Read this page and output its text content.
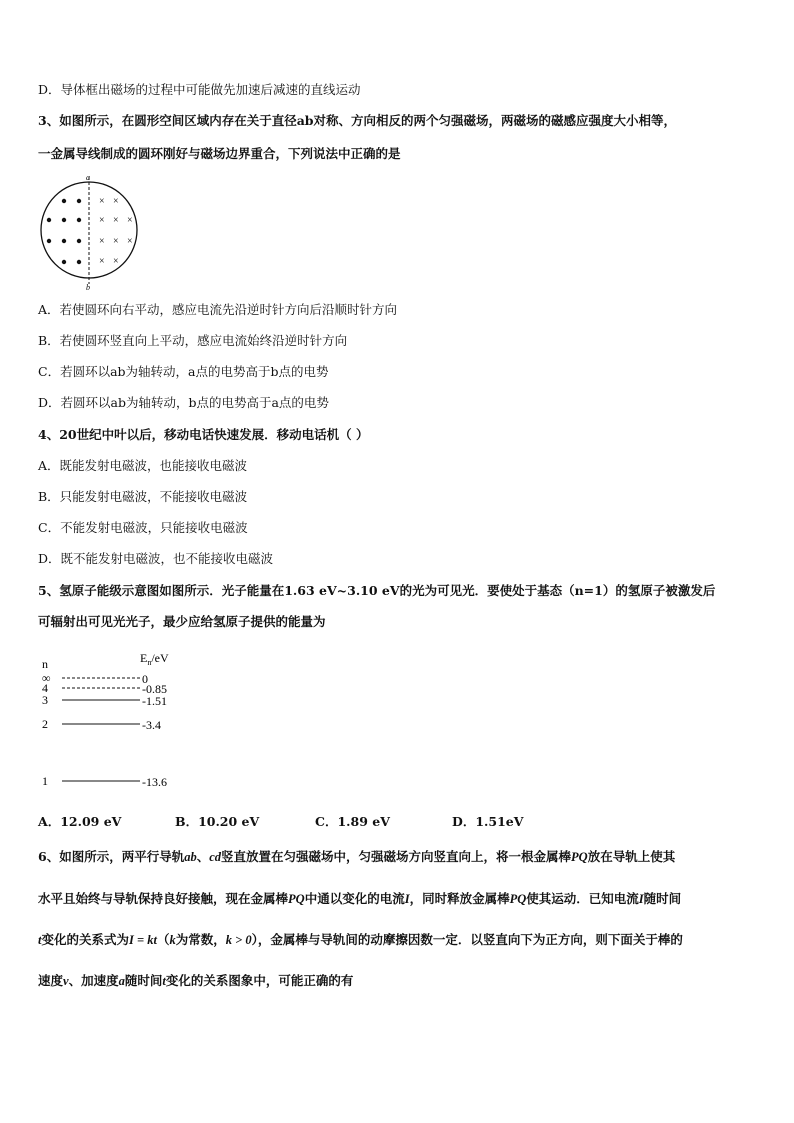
D．导体框出磁场的过程中可能做先加速后减速的直线运动
3、如图所示，在圆形空间区域内存在关于直径ab对称、方向相反的两个匀强磁场，两磁场的磁感应强度大小相等，
一金属导线制成的圆环刚好与磁场边界重合，下列说法中正确的是
a
b
× ×
× × ×
× × ×
× ×
A．若使圆环向右平动，感应电流先沿逆时针方向后沿顺时针方向
B．若使圆环竖直向上平动，感应电流始终沿逆时针方向
C．若圆环以ab为轴转动，a点的电势高于b点的电势
D．若圆环以ab为轴转动，b点的电势高于a点的电势
4、20世纪中叶以后，移动电话快速发展．移动电话机（ ）
A．既能发射电磁波，也能接收电磁波
B．只能发射电磁波，不能接收电磁波
C．不能发射电磁波，只能接收电磁波
D．既不能发射电磁波，也不能接收电磁波
5、氢原子能级示意图如图所示．光子能量在1.63 eV~3.10 eV的光为可见光．要使处于基态（n=1）的氢原子被激发后
可辐射出可见光光子，最少应给氢原子提供的能量为
n	$E_n/eV$
∞	0
4	-0.85
3	-1.51
2	-3.4
1	-13.6
A．12.09 eV	B．10.20 eV	C．1.89 eV	D．1.51eV
6、如图所示，两平行导轨ab、cd竖直放置在匀强磁场中，匀强磁场方向竖直向上，将一根金属棒PQ放在导轨上使其
水平且始终与导轨保持良好接触，现在金属棒PQ中通以变化的电流I，同时释放金属棒PQ使其运动．已知电流I随时间
t变化的关系式为I = kt（k为常数，k > 0），金属棒与导轨间的动摩擦因数一定．以竖直向下为正方向，则下面关于棒的
速度v、加速度a随时间t变化的关系图象中，可能正确的有
